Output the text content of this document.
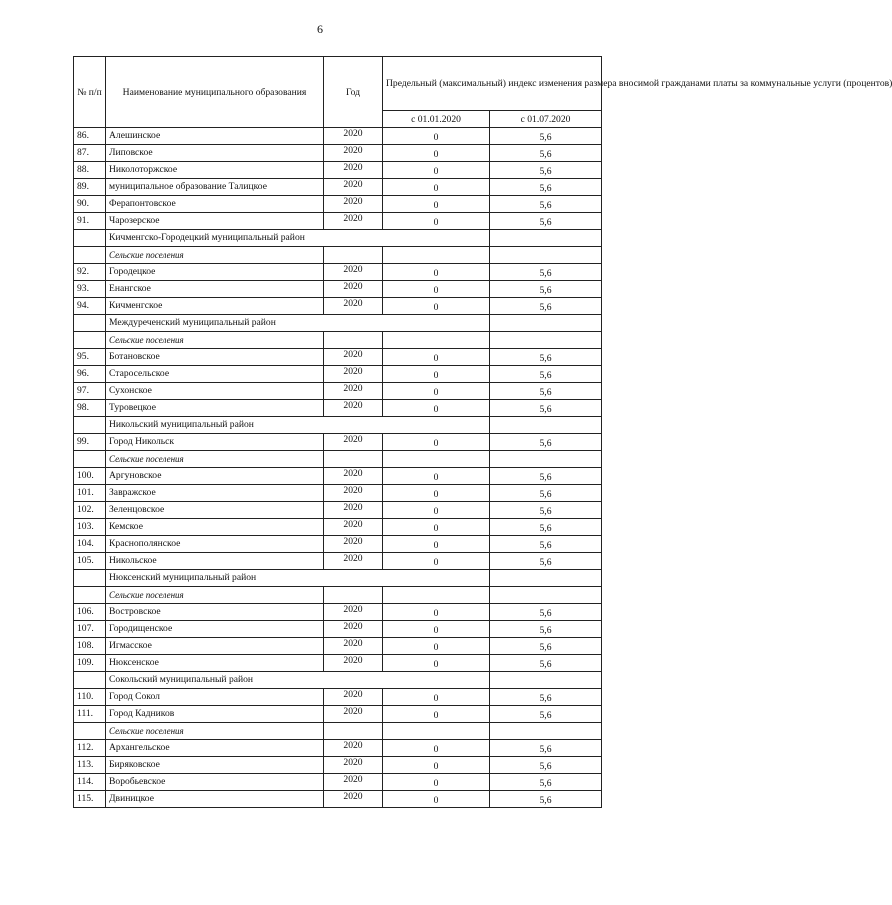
6
№ п/п	Наименование муниципального образования	Год	Предельный (максимальный) индекс изменения размера вносимой гражданами платы за коммунальные услуги (процентов)	
			с 01.01.2020	с 01.07.2020
86.	Алешинское	2020	0	5,6
87.	Липовское	2020	0	5,6
88.	Николоторжское	2020	0	5,6
89.	муниципальное образование Талицкое	2020	0	5,6
90.	Ферапонтовское	2020	0	5,6
91.	Чарозерское	2020	0	5,6
	Кичменгско-Городецкий муниципальный район			
	Сельские поселения			
92.	Городецкое	2020	0	5,6
93.	Енангское	2020	0	5,6
94.	Кичменгское	2020	0	5,6
	Междуреченский муниципальный район			
	Сельские поселения			
95.	Ботановское	2020	0	5,6
96.	Старосельское	2020	0	5,6
97.	Сухонское	2020	0	5,6
98.	Туровецкое	2020	0	5,6
	Никольский муниципальный район			
99.	Город Никольск	2020	0	5,6
	Сельские поселения			
100.	Аргуновское	2020	0	5,6
101.	Завражское	2020	0	5,6
102.	Зеленцовское	2020	0	5,6
103.	Кемское	2020	0	5,6
104.	Краснополянское	2020	0	5,6
105.	Никольское	2020	0	5,6
	Нюксенский муниципальный район			
	Сельские поселения			
106.	Востровское	2020	0	5,6
107.	Городищенское	2020	0	5,6
108.	Игмасское	2020	0	5,6
109.	Нюксенское	2020	0	5,6
	Сокольский муниципальный район			
110.	Город Сокол	2020	0	5,6
111.	Город Кадников	2020	0	5,6
	Сельские поселения			
112.	Архангельское	2020	0	5,6
113.	Биряковское	2020	0	5,6
114.	Воробьевское	2020	0	5,6
115.	Двиницкое	2020	0	5,6
